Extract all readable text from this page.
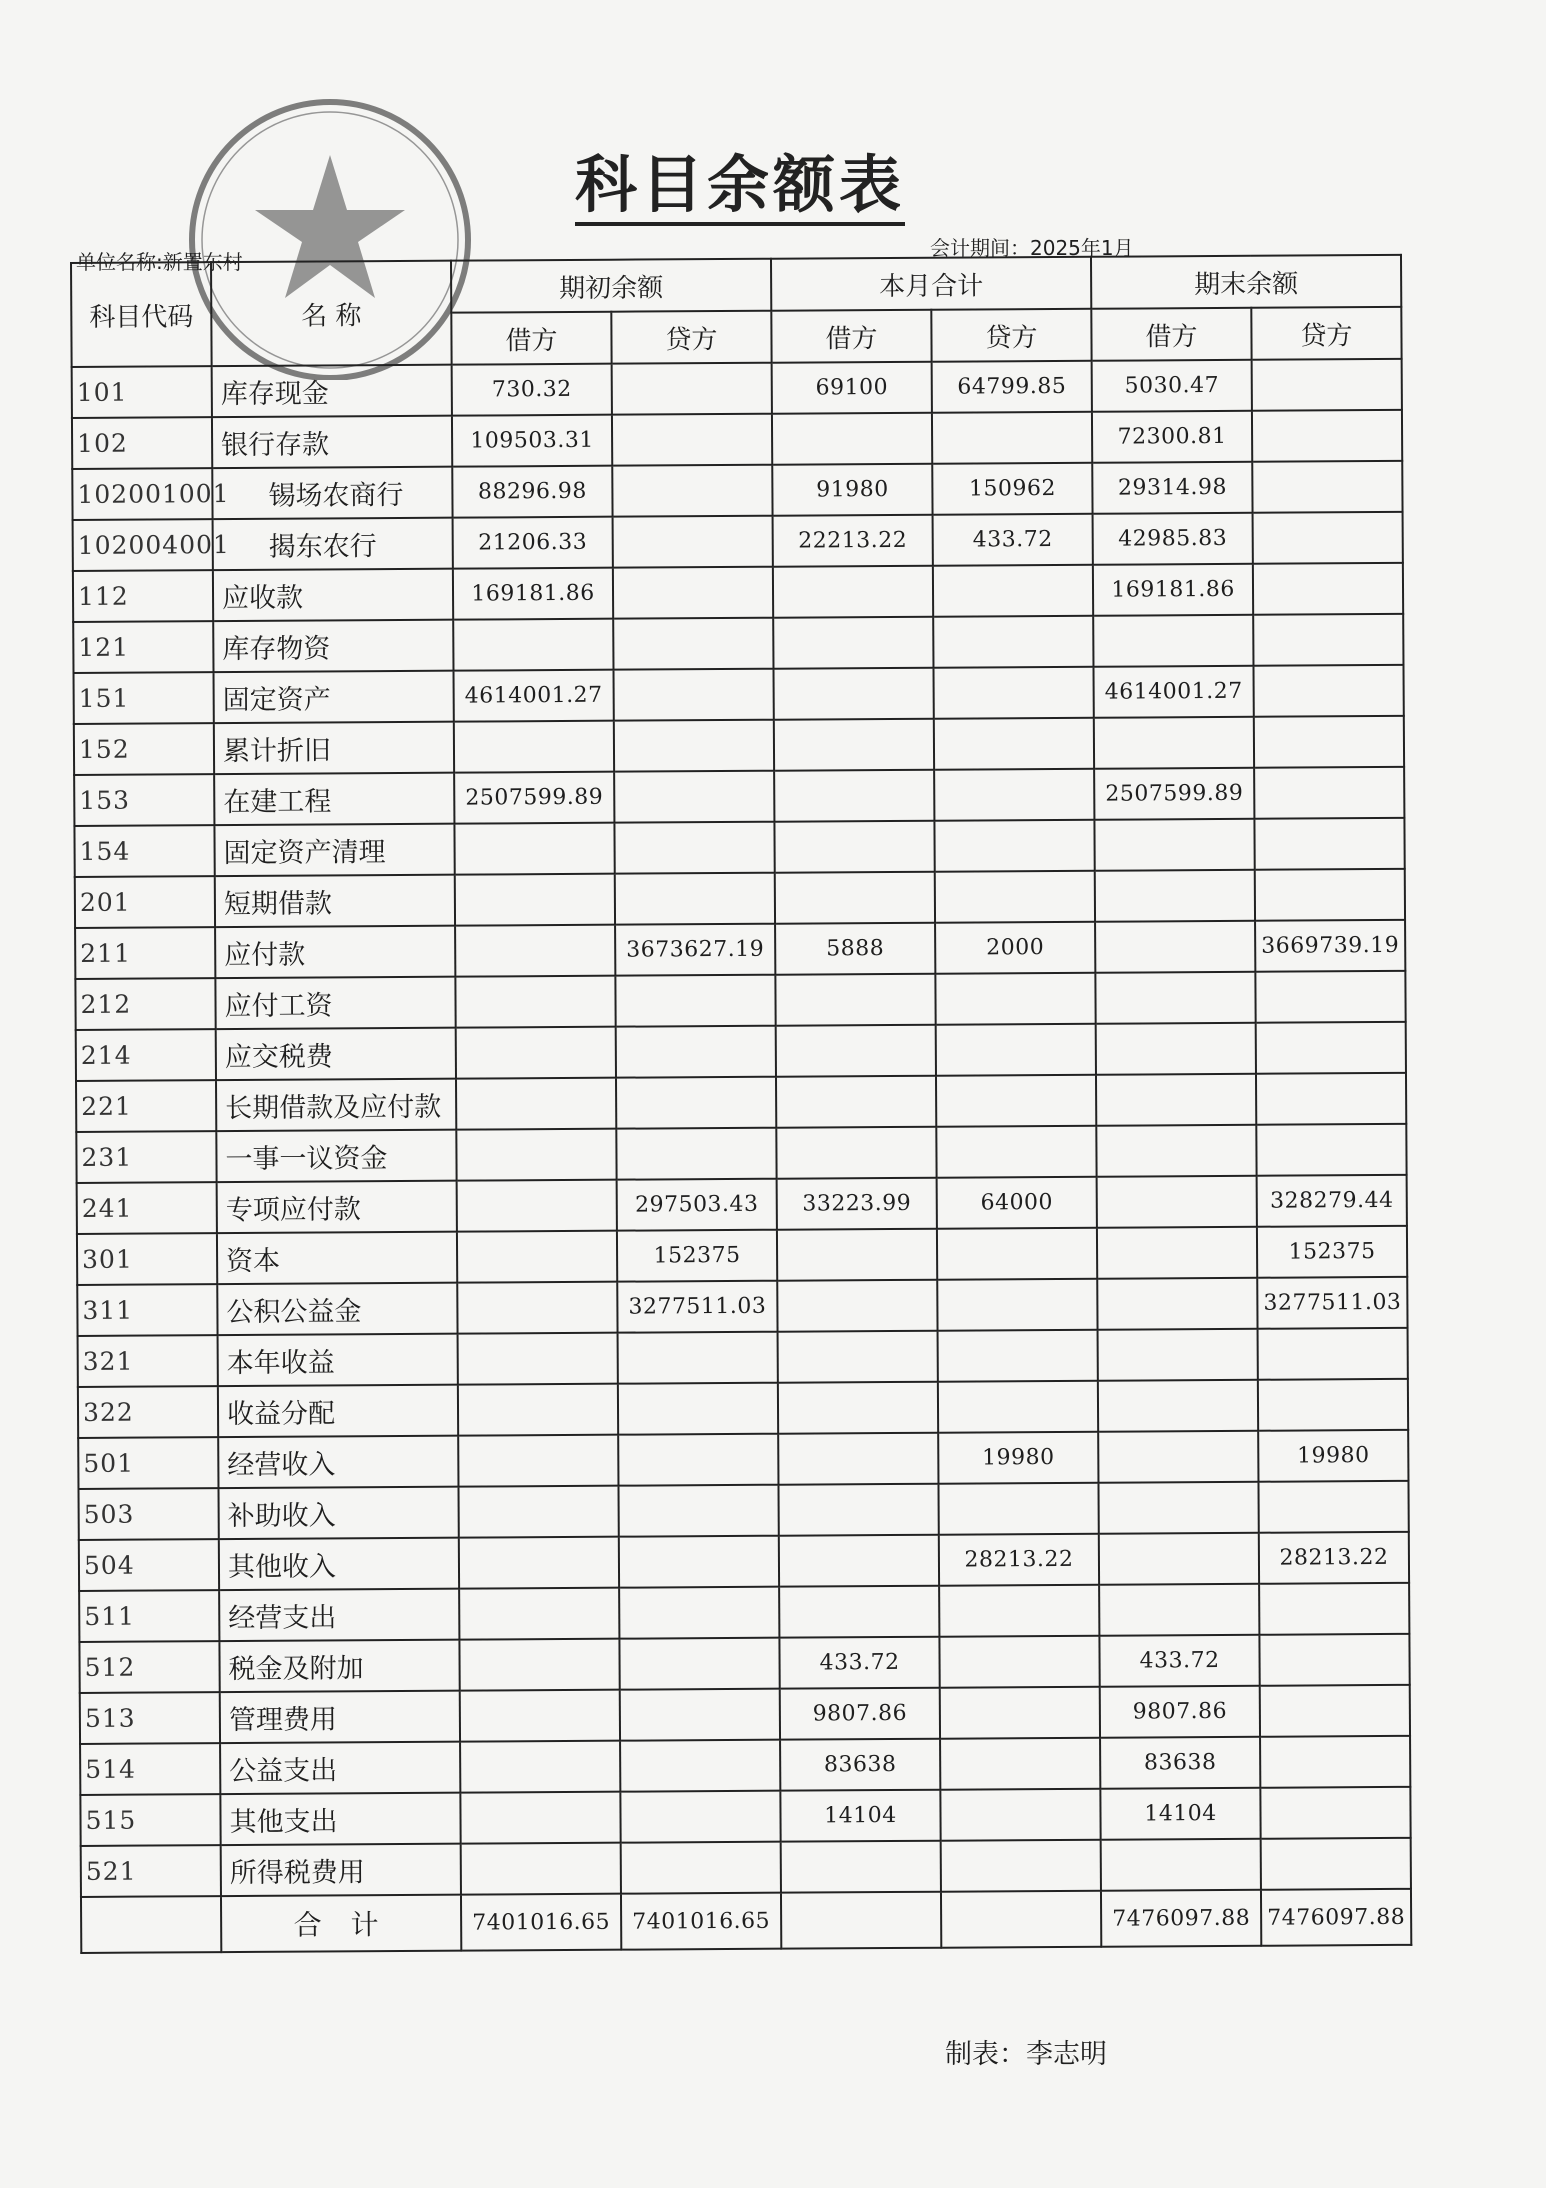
科目余额表
单位名称:新置东村
会计期间：2025年1月
科目代码	名 称	期初余额		本月合计		期末余额	
		借方	贷方	借方	贷方	借方	贷方
101	库存现金	730.32		69100	64799.85	5030.47	
102	银行存款	109503.31				72300.81	
102001001	锡场农商行	88296.98		91980	150962	29314.98	
102004001	揭东农行	21206.33		22213.22	433.72	42985.83	
112	应收款	169181.86				169181.86	
121	库存物资						
151	固定资产	4614001.27				4614001.27	
152	累计折旧						
153	在建工程	2507599.89				2507599.89	
154	固定资产清理						
201	短期借款						
211	应付款		3673627.19	5888	2000		3669739.19
212	应付工资						
214	应交税费						
221	长期借款及应付款						
231	一事一议资金						
241	专项应付款		297503.43	33223.99	64000		328279.44
301	资本		152375				152375
311	公积公益金		3277511.03				3277511.03
321	本年收益						
322	收益分配						
501	经营收入				19980		19980
503	补助收入						
504	其他收入				28213.22		28213.22
511	经营支出						
512	税金及附加			433.72		433.72	
513	管理费用			9807.86		9807.86	
514	公益支出			83638		83638	
515	其他支出			14104		14104	
521	所得税费用						
	合 计	7401016.65	7401016.65			7476097.88	7476097.88
制表：李志明
